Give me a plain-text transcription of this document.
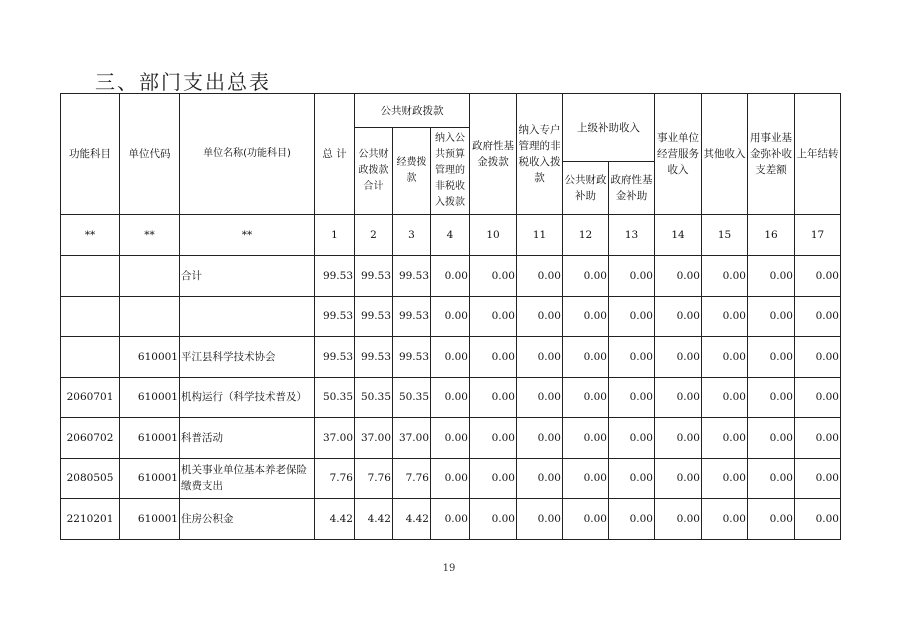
三、部门支出总表
功能科目	单位代码	单位名称(功能科目)	总 计	公共财政拨款			政府性基金拨款	纳入专户管理的非税收入拨款	上级补助收入		事业单位经营服务收入	其他收入	用事业基金弥补收支差额	上年结转
				公共财政拨款合计	经费拨款	纳入公共预算管理的非税收入拨款								
									公共财政补助	政府性基金补助				
**	**	**	1	2	3	4	10	11	12	13	14	15	16	17
		合计	99.53	99.53	99.53	0.00	0.00	0.00	0.00	0.00	0.00	0.00	0.00	0.00
			99.53	99.53	99.53	0.00	0.00	0.00	0.00	0.00	0.00	0.00	0.00	0.00
	610001	平江县科学技术协会	99.53	99.53	99.53	0.00	0.00	0.00	0.00	0.00	0.00	0.00	0.00	0.00
2060701	610001	机构运行（科学技术普及）	50.35	50.35	50.35	0.00	0.00	0.00	0.00	0.00	0.00	0.00	0.00	0.00
2060702	610001	科普活动	37.00	37.00	37.00	0.00	0.00	0.00	0.00	0.00	0.00	0.00	0.00	0.00
2080505	610001	机关事业单位基本养老保险缴费支出	7.76	7.76	7.76	0.00	0.00	0.00	0.00	0.00	0.00	0.00	0.00	0.00
2210201	610001	住房公积金	4.42	4.42	4.42	0.00	0.00	0.00	0.00	0.00	0.00	0.00	0.00	0.00
19
